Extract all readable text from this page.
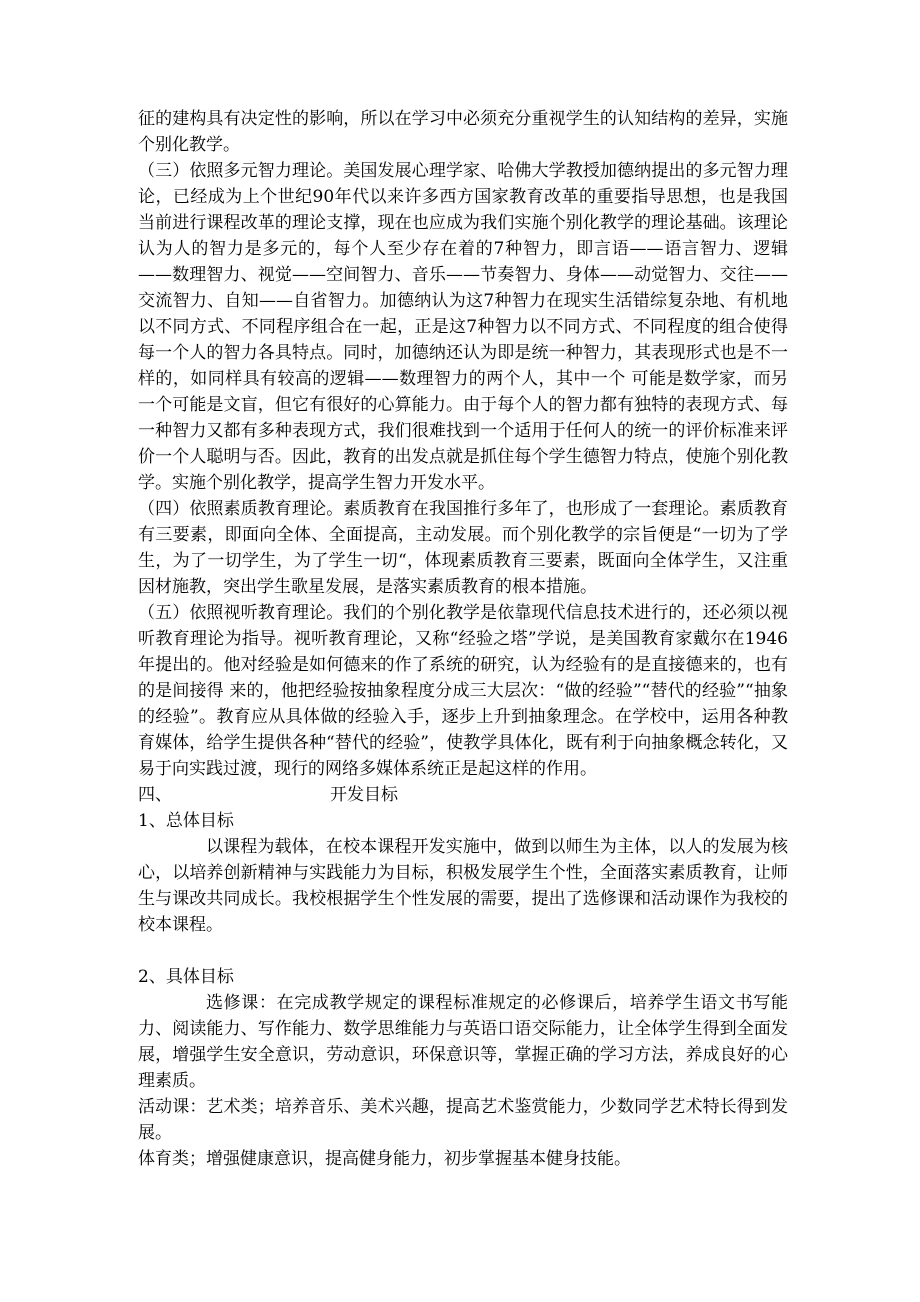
征的建构具有决定性的影响，所以在学习中必须充分重视学生的认知结构的差异，实施个别化教学。

（三）依照多元智力理论。美国发展心理学家、哈佛大学教授加德纳提出的多元智力理论，已经成为上个世纪90年代以来许多西方国家教育改革的重要指导思想，也是我国当前进行课程改革的理论支撑，现在也应成为我们实施个别化教学的理论基础。该理论认为人的智力是多元的，每个人至少存在着的7种智力，即言语——语言智力、逻辑——数理智力、视觉——空间智力、音乐——节奏智力、身体——动觉智力、交往——交流智力、自知——自省智力。加德纳认为这7种智力在现实生活错综复杂地、有机地以不同方式、不同程序组合在一起，正是这7种智力以不同方式、不同程度的组合使得每一个人的智力各具特点。同时，加德纳还认为即是统一种智力，其表现形式也是不一样的，如同样具有较高的逻辑——数理智力的两个人，其中一个 可能是数学家，而另一个可能是文盲，但它有很好的心算能力。由于每个人的智力都有独特的表现方式、每一种智力又都有多种表现方式，我们很难找到一个适用于任何人的统一的评价标准来评价一个人聪明与否。因此，教育的出发点就是抓住每个学生德智力特点，使施个别化教学。实施个别化教学，提高学生智力开发水平。

（四）依照素质教育理论。素质教育在我国推行多年了，也形成了一套理论。素质教育有三要素，即面向全体、全面提高，主动发展。而个别化教学的宗旨便是“一切为了学生，为了一切学生，为了学生一切“，体现素质教育三要素，既面向全体学生，又注重因材施教，突出学生歌星发展，是落实素质教育的根本措施。

（五）依照视听教育理论。我们的个别化教学是依靠现代信息技术进行的，还必须以视听教育理论为指导。视听教育理论，又称“经验之塔”学说，是美国教育家戴尔在1946年提出的。他对经验是如何德来的作了系统的研究，认为经验有的是直接德来的，也有的是间接得 来的，他把经验按抽象程度分成三大层次：“做的经验”“替代的经验”“抽象的经验”。教育应从具体做的经验入手，逐步上升到抽象理念。在学校中，运用各种教育媒体，给学生提供各种“替代的经验”，使教学具体化，既有利于向抽象概念转化，又易于向实践过渡，现行的网络多媒体系统正是起这样的作用。

四、	开发目标

1、总体目标

以课程为载体，在校本课程开发实施中，做到以师生为主体，以人的发展为核心，以培养创新精神与实践能力为目标，积极发展学生个性，全面落实素质教育，让师生与课改共同成长。我校根据学生个性发展的需要，提出了选修课和活动课作为我校的校本课程。

2、具体目标

选修课：在完成教学规定的课程标准规定的必修课后，培养学生语文书写能力、阅读能力、写作能力、数学思维能力与英语口语交际能力，让全体学生得到全面发展，增强学生安全意识，劳动意识，环保意识等，掌握正确的学习方法，养成良好的心理素质。

活动课：艺术类；培养音乐、美术兴趣，提高艺术鉴赏能力，少数同学艺术特长得到发展。

体育类；增强健康意识，提高健身能力，初步掌握基本健身技能。
